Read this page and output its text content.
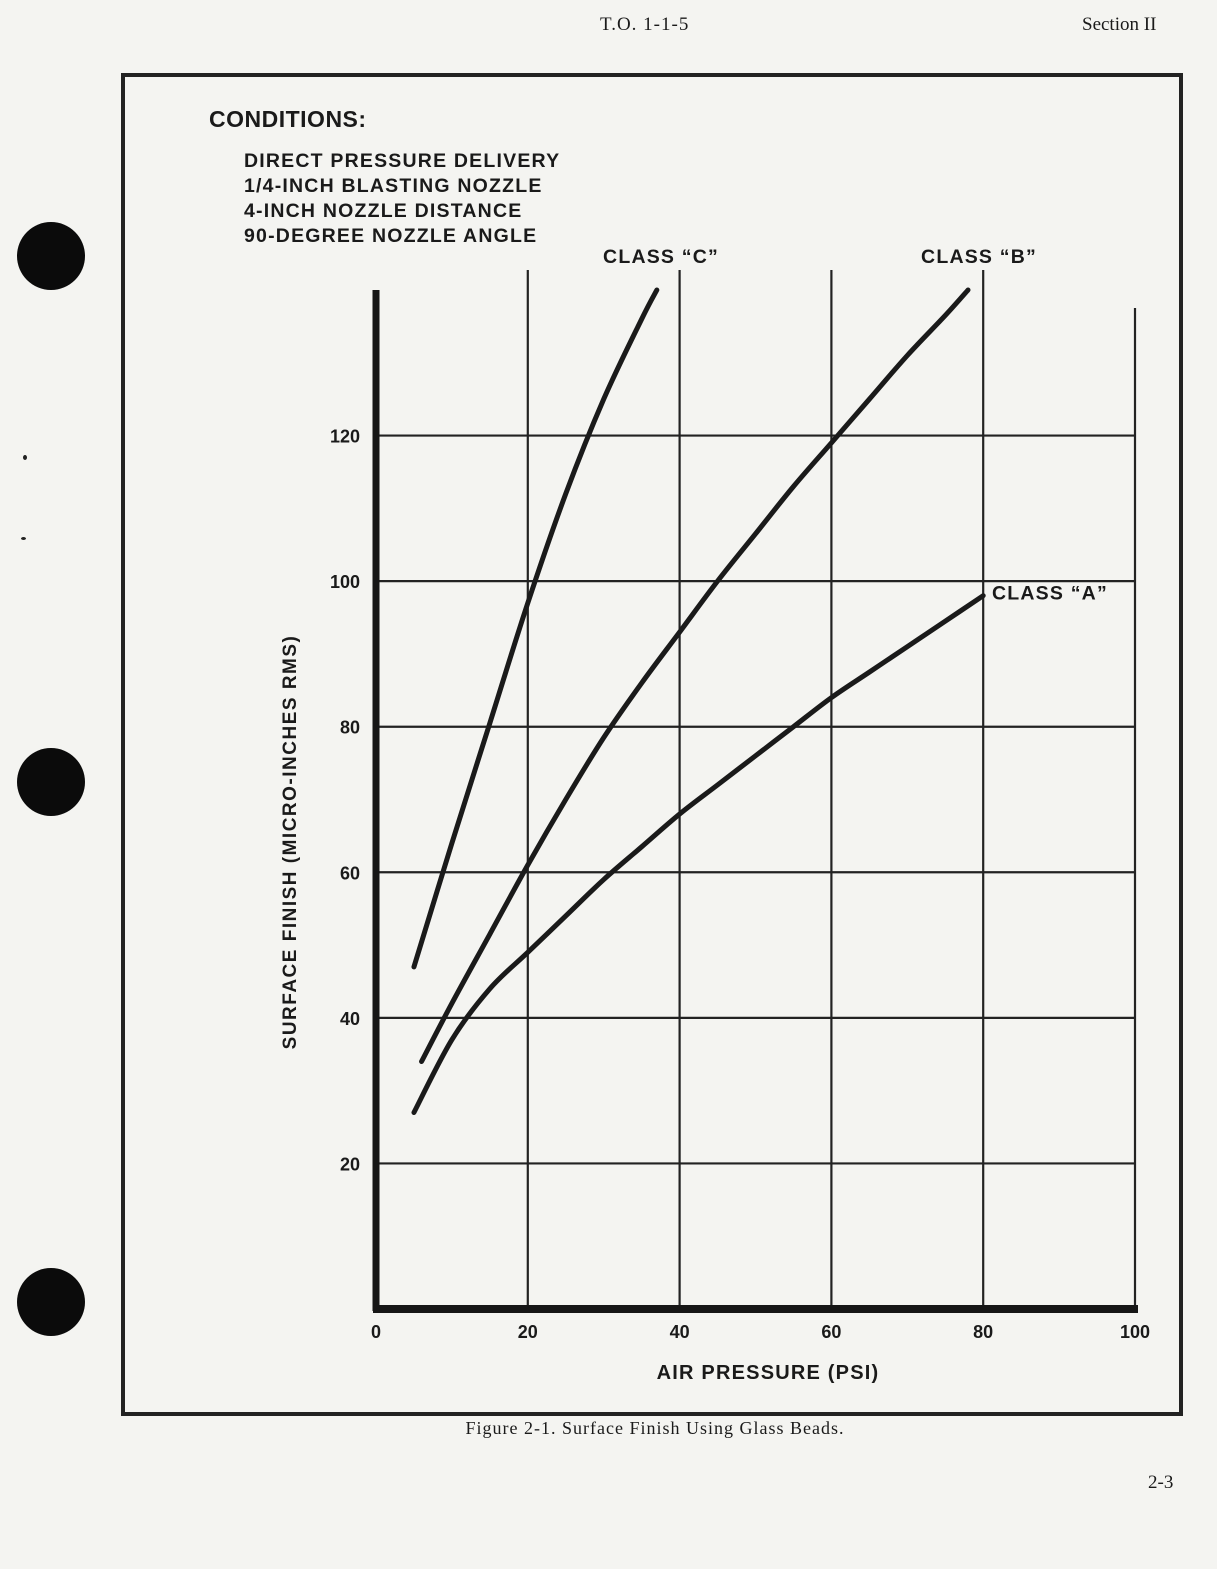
T.O. 1-1-5	Section II
CONDITIONS:
DIRECT PRESSURE DELIVERY
1/4-INCH BLASTING NOZZLE
4-INCH NOZZLE DISTANCE
90-DEGREE NOZZLE ANGLE
20
40
60
80
100
120
0	20	40	60	80	100
AIR PRESSURE (PSI)
SURFACE FINISH (MICRO-INCHES RMS)
CLASS “A”
CLASS “B”
CLASS “C”
Figure 2-1. Surface Finish Using Glass Beads.
2-3
